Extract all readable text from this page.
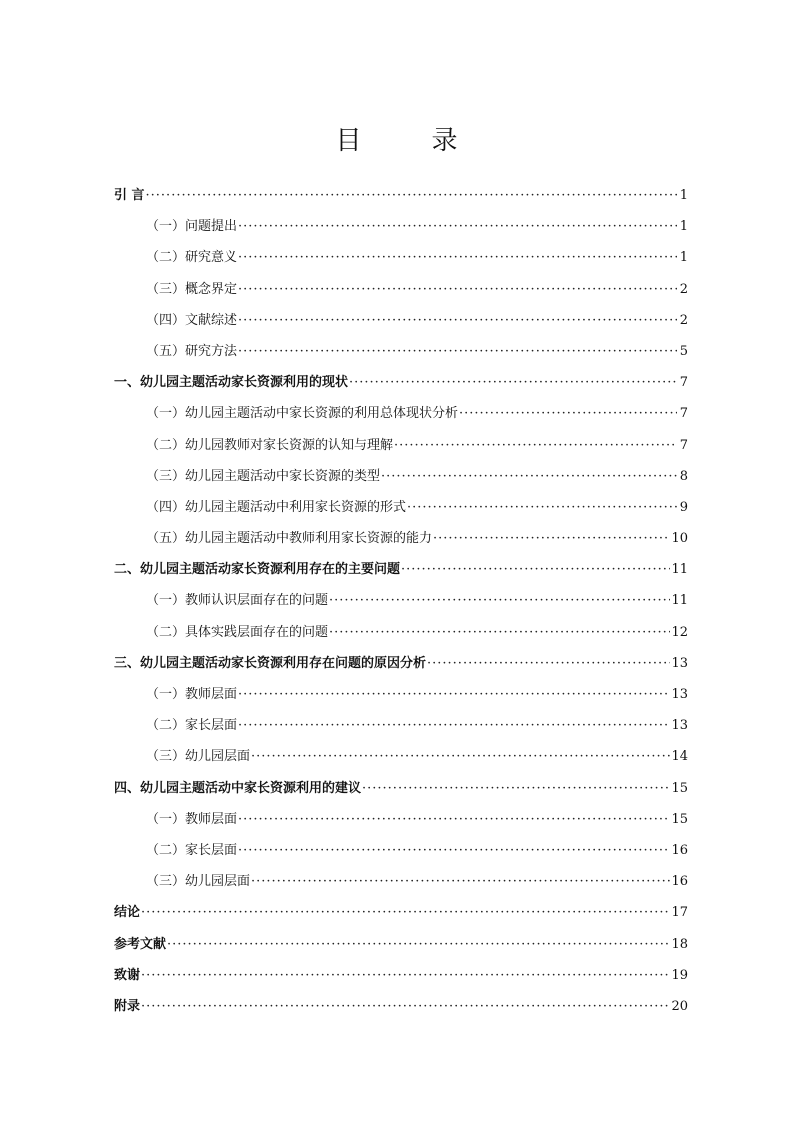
目　录
引 言 ·····	1
（一）问题提出 ·····	1
（二）研究意义 ·····	1
（三）概念界定 ·····	2
（四）文献综述 ·····	2
（五）研究方法 ·····	5
一、幼儿园主题活动家长资源利用的现状 ·····	7
（一）幼儿园主题活动中家长资源的利用总体现状分析 ·····	7
（二）幼儿园教师对家长资源的认知与理解 ·····	7
（三）幼儿园主题活动中家长资源的类型 ·····	8
（四）幼儿园主题活动中利用家长资源的形式 ·····	9
（五）幼儿园主题活动中教师利用家长资源的能力 ·····	10
二、幼儿园主题活动家长资源利用存在的主要问题 ·····	11
（一）教师认识层面存在的问题 ·····	11
（二）具体实践层面存在的问题 ·····	12
三、幼儿园主题活动家长资源利用存在问题的原因分析 ·····	13
（一）教师层面 ·····	13
（二）家长层面 ·····	13
（三）幼儿园层面 ·····	14
四、幼儿园主题活动中家长资源利用的建议 ·····	15
（一）教师层面 ·····	15
（二）家长层面 ·····	16
（三）幼儿园层面 ·····	16
结论 ·····	17
参考文献 ·····	18
致谢 ·····	19
附录 ·····	20
